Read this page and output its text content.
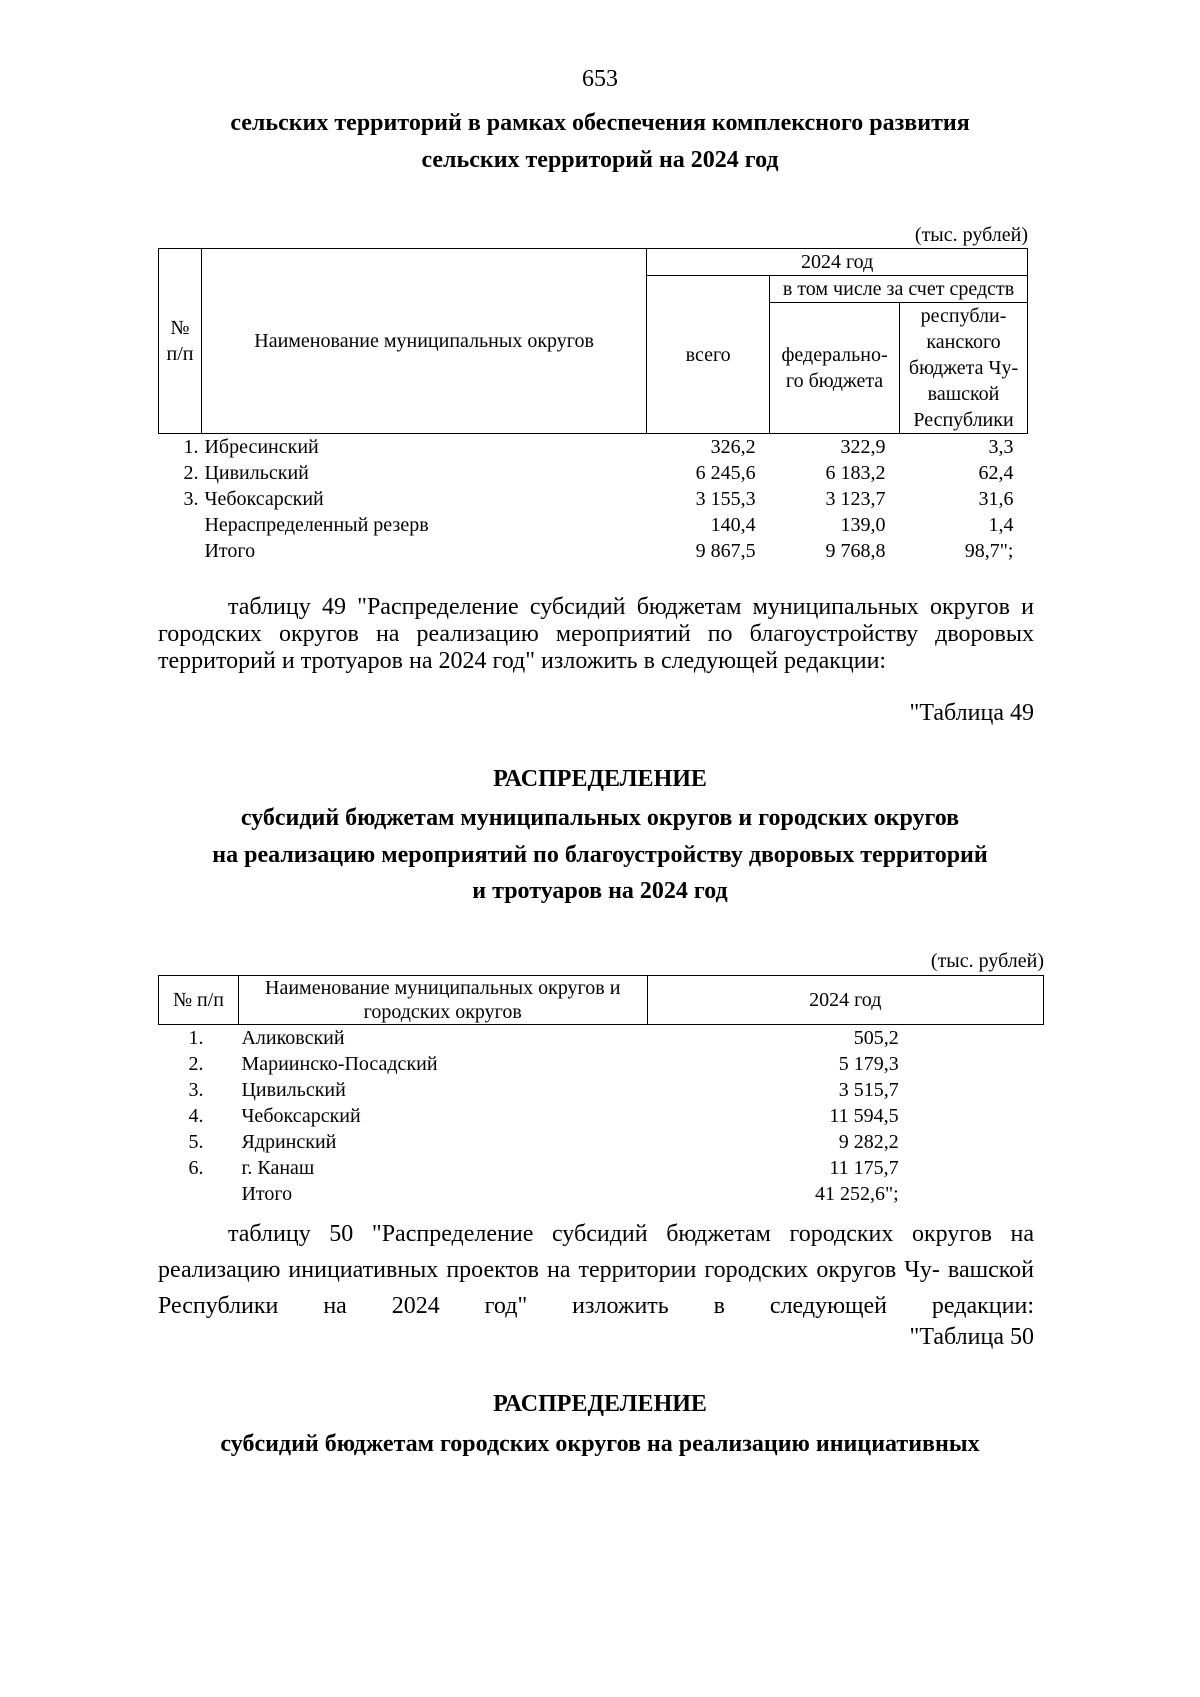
653
сельских территорий в рамках обеспечения комплексного развития
сельских территорий на 2024 год
(тыс. рублей)
№ п/п	Наименование муниципальных округов	2024 год		
		всего	в том числе за счет средств	
			федерально-го бюджета	республи-канского бюджета Чу-вашской Республики

1.	Ибресинский	326,2	322,9	3,3
2.	Цивильский	6 245,6	6 183,2	62,4
3.	Чебоксарский	3 155,3	3 123,7	31,6
	Нераспределенный резерв	140,4	139,0	1,4
	Итого	9 867,5	9 768,8	98,7";
таблицу 49 "Распределение субсидий бюджетам муниципальных округов и городских округов на реализацию мероприятий по благоустройству дворовых территорий и тротуаров на 2024 год" изложить в следующей редакции:
"Таблица 49
РАСПРЕДЕЛЕНИЕ
субсидий бюджетам муниципальных округов и городских округов
на реализацию мероприятий по благоустройству дворовых территорий
и тротуаров на 2024 год
(тыс. рублей)
№ п/п	Наименование муниципальных округов и городских округов	2024 год	
1.	Аликовский	505,2	
2.	Мариинско-Посадский	5 179,3	
3.	Цивильский	3 515,7	
4.	Чебоксарский	11 594,5	
5.	Ядринский	9 282,2	
6.	г. Канаш	11 175,7	
	Итого	41 252,6";	
таблицу 50 "Распределение субсидий бюджетам городских округов на реализацию инициативных проектов на территории городских округов Чу- вашской Республики на 2024 год" изложить в следующей редакции:
"Таблица 50
РАСПРЕДЕЛЕНИЕ
субсидий бюджетам городских округов на реализацию инициативных
